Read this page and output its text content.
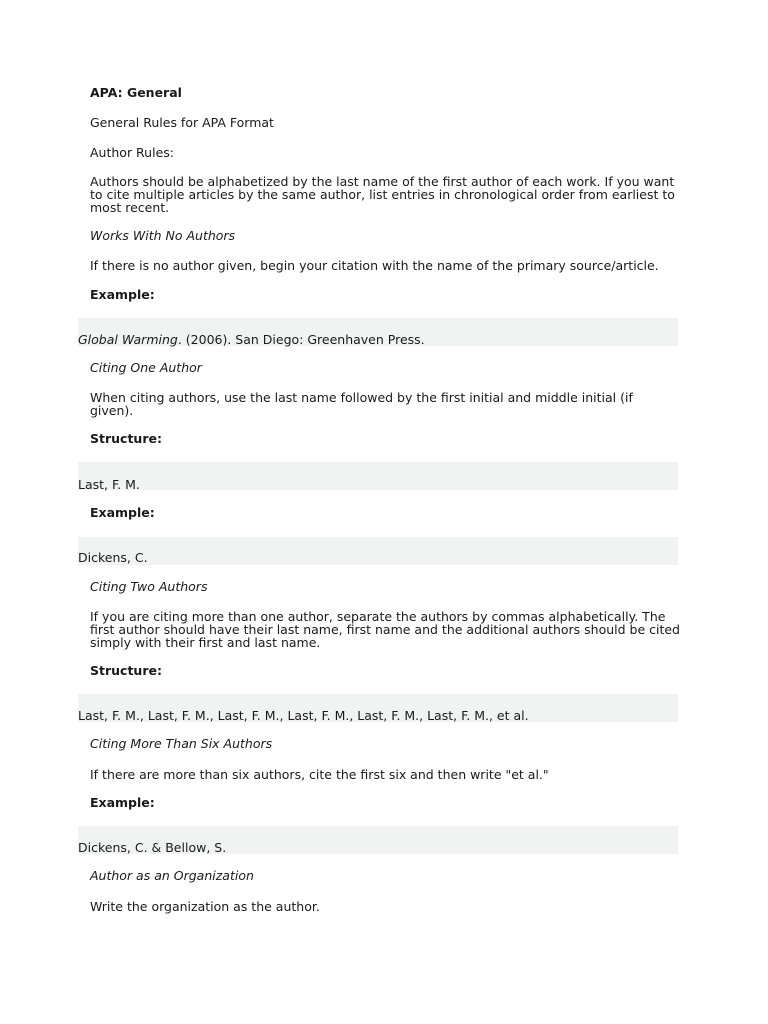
APA: General
General Rules for APA Format
Author Rules:
Authors should be alphabetized by the last name of the first author of each work. If you want to cite multiple articles by the same author, list entries in chronological order from earliest to most recent.
Works With No Authors
If there is no author given, begin your citation with the name of the primary source/article.
Example:
Global Warming. (2006). San Diego: Greenhaven Press.
Citing One Author
When citing authors, use the last name followed by the first initial and middle initial (if given).
Structure:
Last, F. M.
Example:
Dickens, C.
Citing Two Authors
If you are citing more than one author, separate the authors by commas alphabetically. The first author should have their last name, first name and the additional authors should be cited simply with their first and last name.
Structure:
Last, F. M., Last, F. M., Last, F. M., Last, F. M., Last, F. M., Last, F. M., et al.
Citing More Than Six Authors
If there are more than six authors, cite the first six and then write "et al."
Example:
Dickens, C. & Bellow, S.
Author as an Organization
Write the organization as the author.
